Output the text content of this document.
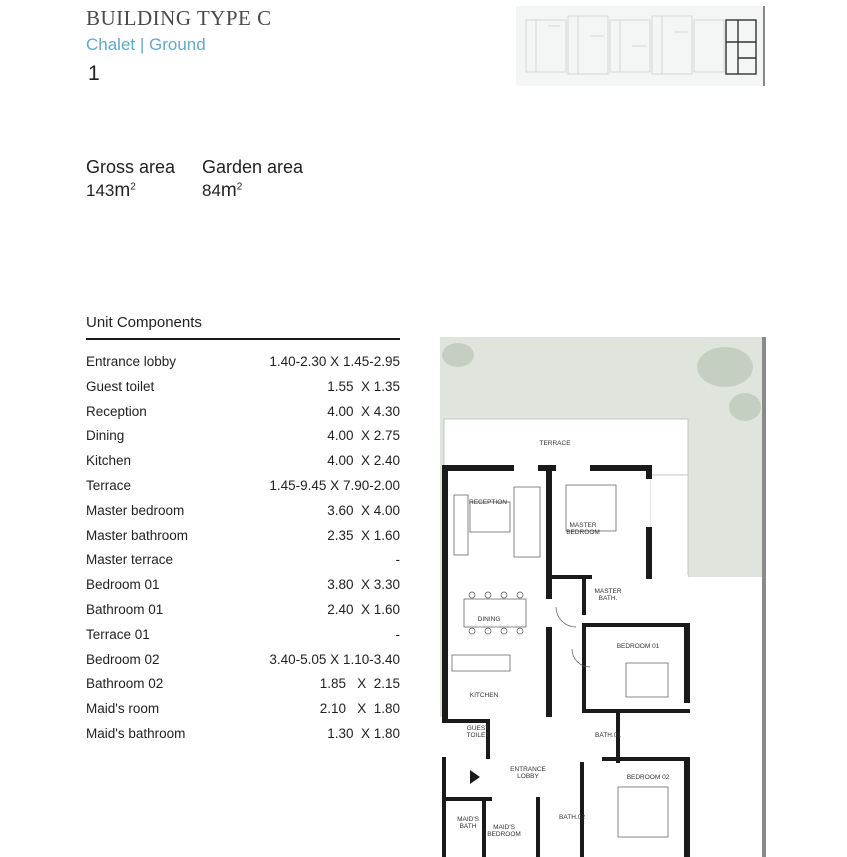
BUILDING TYPE C
Chalet | Ground
1
Gross area
$143m^2$
Garden area
$84m^2$
Unit Components
Entrance lobby	1.40-2.30 X 1.45-2.95
Guest toilet	1.55  X 1.35
Reception	4.00  X 4.30
Dining	4.00  X 2.75
Kitchen	4.00  X 2.40
Terrace	1.45-9.45 X 7.90-2.00
Master bedroom	3.60  X 4.00
Master bathroom	2.35  X 1.60
Master terrace	-
Bedroom 01	3.80  X 3.30
Bathroom 01	2.40  X 1.60
Terrace 01	-
Bedroom 02	3.40-5.05 X 1.10-3.40
Bathroom 02	1.85   X  2.15
Maid's room	2.10   X  1.80
Maid's bathroom	1.30  X 1.80
TERRACE
RECEPTION
MASTER
BEDROOM
MASTER
BATH.
DINING
BEDROOM 01
KITCHEN
BATH.01
GUEST
TOILET
ENTRANCE
LOBBY	BEDROOM 02
MAID'S
BATH	MAID'S
BEDROOM
BATH.02
